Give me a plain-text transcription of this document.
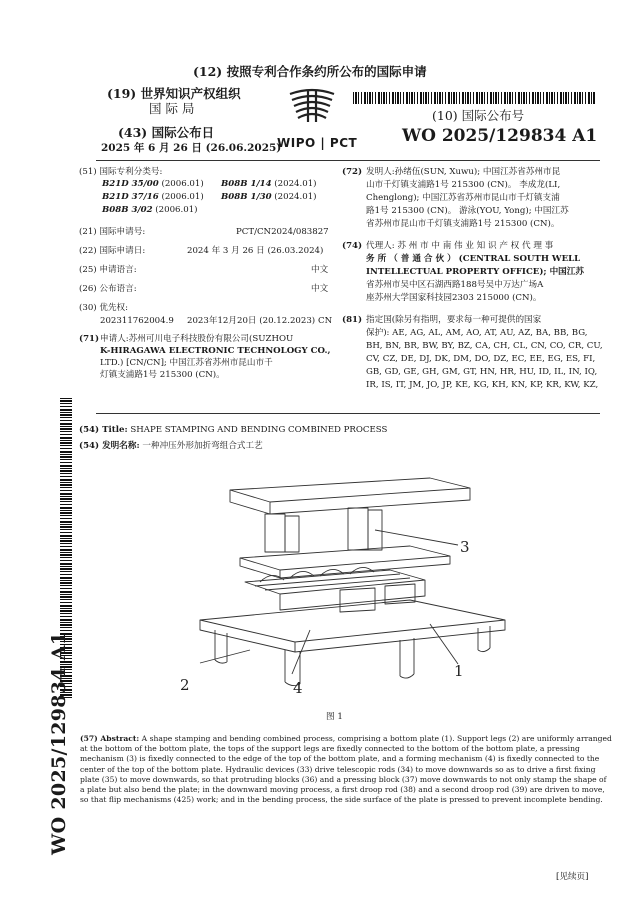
(12) 按照专利合作条约所公布的国际申请
(19) 世界知识产权组织
国 际 局
(43) 国际公布日
2025 年 6 月 26 日 (26.06.2025)
WIPO | PCT
(10) 国际公布号
WO 2025/129834 A1
(51) 国际专利分类号:
B21D 35/00 (2006.01) B08B 1/14 (2024.01)
B21D 37/16 (2006.01) B08B 1/30 (2024.01)
B08B 3/02 (2006.01)
(21) 国际申请号:	PCT/CN2024/083827
(22) 国际申请日:	2024 年 3 月 26 日 (26.03.2024)
(25) 申请语言:	中文
(26) 公布语言:	中文
(30) 优先权:
202311762004.9 2023年12月20日 (20.12.2023) CN
(71) 申请人:苏州可川电子科技股份有限公司(SUZHOU
K-HIRAGAWA ELECTRONIC TECHNOLOGY CO.,
LTD.) [CN/CN]; 中国江苏省苏州市昆山市千
灯镇支浦路1号 215300 (CN)。
(72) 发明人:孙绪伍(SUN, Xuwu); 中国江苏省苏州市昆
山市千灯镇支浦路1号 215300 (CN)。 李成龙(LI,
Chenglong); 中国江苏省苏州市昆山市千灯镇支浦
路1号 215300 (CN)。 游泳(YOU, Yong); 中国江苏
省苏州市昆山市千灯镇支浦路1号 215300 (CN)。
(74) 代理人: 苏 州 市 中 南 伟 业 知 识 产 权 代 理 事
务 所 （ 普 通 合 伙 ） (CENTRAL SOUTH WELL
INTELLECTUAL PROPERTY OFFICE); 中国江苏
省苏州市吴中区石湖西路188号吴中万达广场A
座苏州大学国家科技园2303 215000 (CN)。
(81) 指定国(除另有指明，要求每一种可提供的国家
保护): AE, AG, AL, AM, AO, AT, AU, AZ, BA, BB, BG,
BH, BN, BR, BW, BY, BZ, CA, CH, CL, CN, CO, CR, CU,
CV, CZ, DE, DJ, DK, DM, DO, DZ, EC, EE, EG, ES, FI,
GB, GD, GE, GH, GM, GT, HN, HR, HU, ID, IL, IN, IQ,
IR, IS, IT, JM, JO, JP, KE, KG, KH, KN, KP, KR, KW, KZ,
(54) Title: SHAPE STAMPING AND BENDING COMBINED PROCESS
(54) 发明名称: 一种冲压外形加折弯组合式工艺
3
2	4
1
图 1
(57) Abstract: A shape stamping and bending combined process, comprising a bottom plate (1). Support legs (2) are uniformly arranged
at the bottom of the bottom plate, the tops of the support legs are fixedly connected to the bottom of the bottom plate, a pressing
mechanism (3) is fixedly connected to the edge of the top of the bottom plate, and a forming mechanism (4) is fixedly connected to the
center of the top of the bottom plate. Hydraulic devices (33) drive telescopic rods (34) to move downwards so as to drive a first fixing
plate (35) to move downwards, so that protruding blocks (36) and a pressing block (37) move downwards to not only stamp the shape of
a plate but also bend the plate; in the downward moving process, a first droop rod (38) and a second droop rod (39) are driven to move,
so that flip mechanisms (425) work; and in the bending process, the side surface of the plate is pressed to prevent incomplete bending.
WO 2025/129834 A1
[见续页]
